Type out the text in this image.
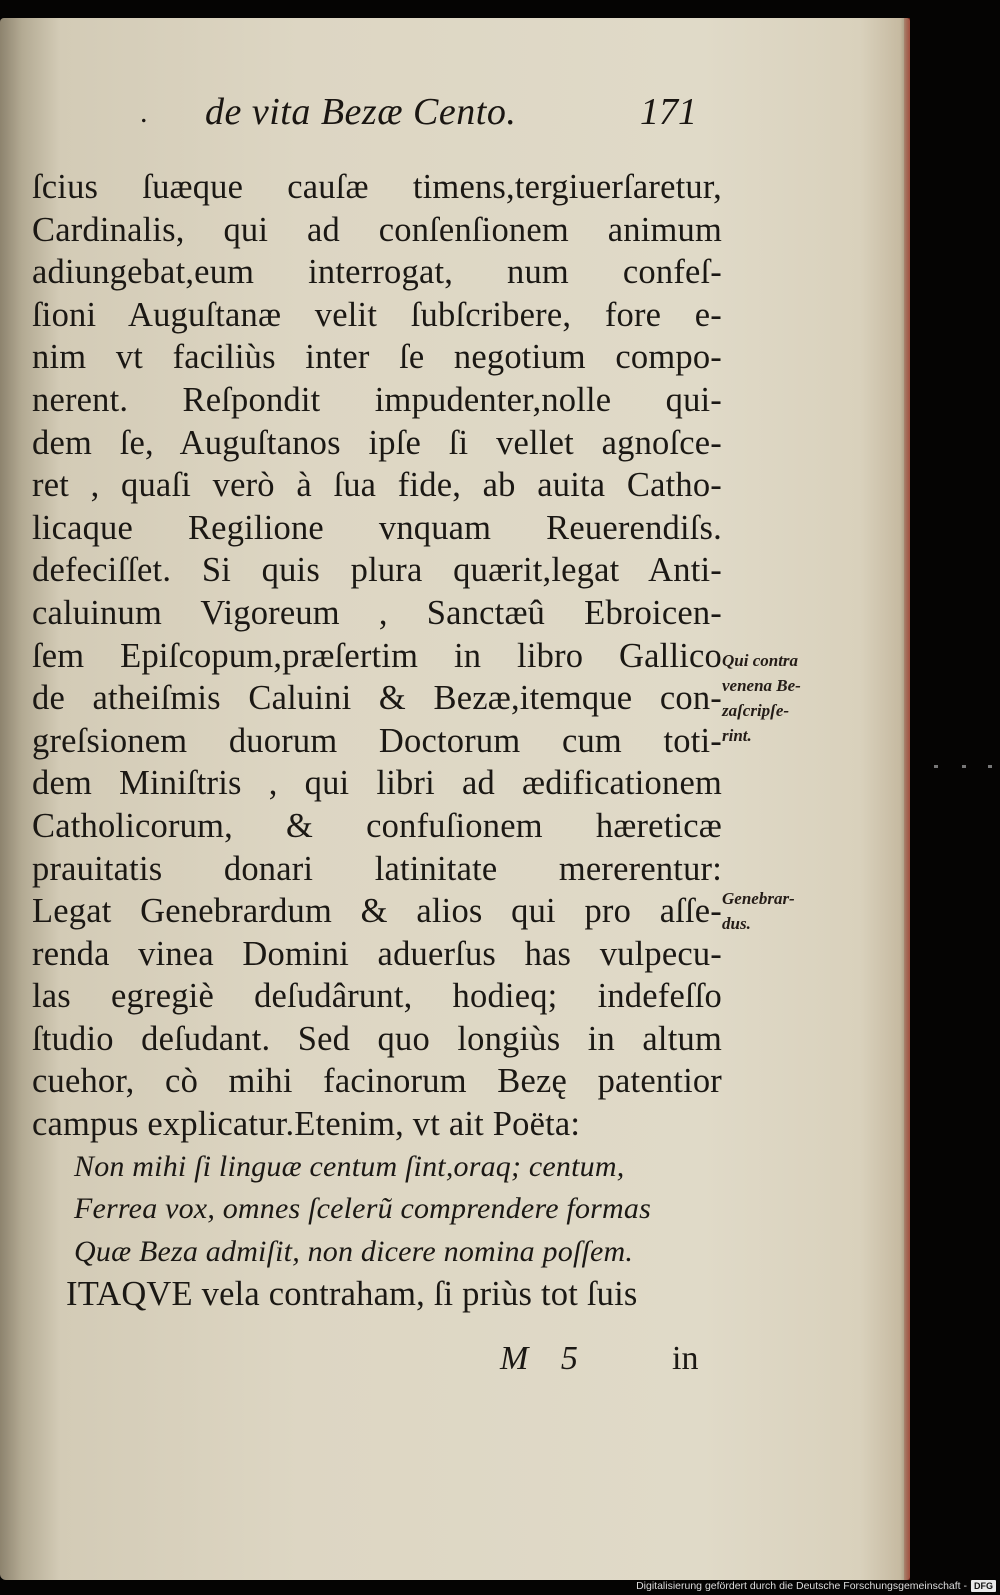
. de vita Bezæ Cento.	171
ſcius ſuæque cauſæ timens,tergiuerſaretur,
Cardinalis, qui ad conſenſionem animum
adiungebat,eum interrogat, num confeſ-
ſioni Auguſtanæ velit ſubſcribere, fore e-
nim vt faciliùs inter ſe negotium compo-
nerent. Reſpondit impudenter,nolle qui-
dem ſe, Auguſtanos ipſe ſi vellet agnoſce-
ret , quaſi verò à ſua fide, ab auita Catho-
licaque Regilione vnquam Reuerendiſs.
defeciſſet. Si quis plura quærit,legat Anti-
caluinum Vigoreum , Sanctæû Ebroicen-
ſem Epiſcopum,præſertim in libro Gallico
de atheiſmis Caluini & Bezæ,itemque con-
greſsionem duorum Doctorum cum toti-
dem Miniſtris , qui libri ad ædificationem
Catholicorum, & confuſionem hæreticæ
prauitatis donari latinitate mererentur:
Legat Genebrardum & alios qui pro aſſe-
renda vinea Domini aduerſus has vulpecu-
las egregiè deſudârunt, hodieq; indefeſſo
ſtudio deſudant. Sed quo longiùs in altum
cuehor, cò mihi facinorum Bezę patentior
campus explicatur.Etenim, vt ait Poëta:
Non mihi ſi linguæ centum ſint,oraq; centum,
Ferrea vox, omnes ſcelerũ comprendere formas
Quæ Beza admiſit, non dicere nomina poſſem.
ITAQVE vela contraham, ſi priùs tot ſuis
Qui contra
venena Be-
zaſcripſe-
rint.
Genebrar-
dus.
M 5 in
Digitalisierung gefördert durch die Deutsche Forschungsgemeinschaft - DFG
